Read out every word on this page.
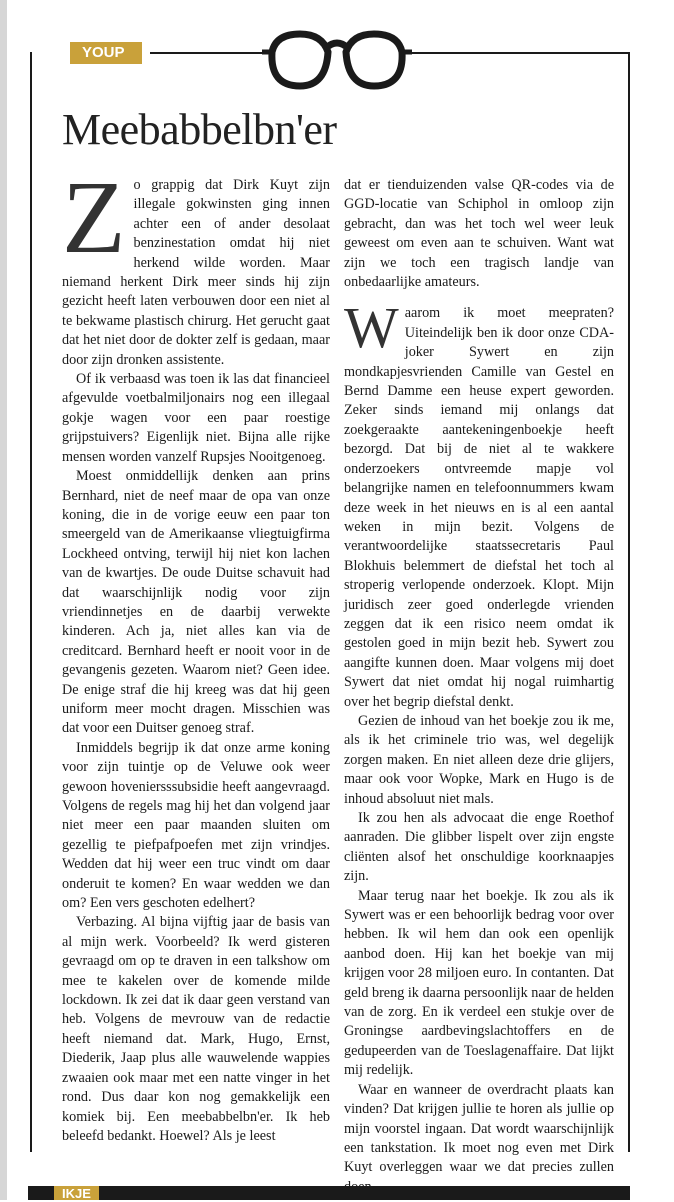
YOUP
Meebabbelbn'er

Zo grappig dat Dirk Kuyt zijn illegale gokwinsten ging innen achter een of ander desolaat benzinestation omdat hij niet herkend wilde worden. Maar niemand herkent Dirk meer sinds hij zijn gezicht heeft laten verbouwen door een niet al te bekwame plastisch chirurg. Het gerucht gaat dat het niet door de dokter zelf is gedaan, maar door zijn dronken assistente.

Of ik verbaasd was toen ik las dat financieel afgevulde voetbalmiljonairs nog een illegaal gokje wagen voor een paar roestige grijpstuivers? Eigenlijk niet. Bijna alle rijke mensen worden vanzelf Rupsjes Nooitgenoeg.

Moest onmiddellijk denken aan prins Bernhard, niet de neef maar de opa van onze koning, die in de vorige eeuw een paar ton smeergeld van de Amerikaanse vliegtuigfirma Lockheed ontving, terwijl hij niet kon lachen van de kwartjes. De oude Duitse schavuit had dat waarschijnlijk nodig voor zijn vriendinnetjes en de daarbij verwekte kinderen. Ach ja, niet alles kan via de creditcard. Bernhard heeft er nooit voor in de gevangenis gezeten. Waarom niet? Geen idee. De enige straf die hij kreeg was dat hij geen uniform meer mocht dragen. Misschien was dat voor een Duitser genoeg straf.

Inmiddels begrijp ik dat onze arme koning voor zijn tuintje op de Veluwe ook weer gewoon hoveniersssubsidie heeft aangevraagd. Volgens de regels mag hij het dan volgend jaar niet meer een paar maanden sluiten om gezellig te piefpafpoefen met zijn vrindjes. Wedden dat hij weer een truc vindt om daar onderuit te komen? En waar wedden we dan om? Een vers geschoten edelhert?

Verbazing. Al bijna vijftig jaar de basis van al mijn werk. Voorbeeld? Ik werd gisteren gevraagd om op te draven in een talkshow om mee te kakelen over de komende milde lockdown. Ik zei dat ik daar geen verstand van heb. Volgens de mevrouw van de redactie heeft niemand dat. Mark, Hugo, Ernst, Diederik, Jaap plus alle wauwelende wappies zwaaien ook maar met een natte vinger in het rond. Dus daar kon nog gemakkelijk een komiek bij. Een meebabbelbn'er. Ik heb beleefd bedankt. Hoewel? Als je leest

dat er tienduizenden valse QR-codes via de GGD-locatie van Schiphol in omloop zijn gebracht, dan was het toch wel weer leuk geweest om even aan te schuiven. Want wat zijn we toch een tragisch landje van onbedaarlijke amateurs.

Waarom ik moet meepraten? Uiteindelijk ben ik door onze CDA-joker Sywert en zijn mondkapjesvrienden Camille van Gestel en Bernd Damme een heuse expert geworden. Zeker sinds iemand mij onlangs dat zoekgeraakte aantekeningenboekje heeft bezorgd. Dat bij de niet al te wakkere onderzoekers ontvreemde mapje vol belangrijke namen en telefoonnummers kwam deze week in het nieuws en is al een aantal weken in mijn bezit. Volgens de verantwoordelijke staatssecretaris Paul Blokhuis belemmert de diefstal het toch al stroperig verlopende onderzoek. Klopt. Mijn juridisch zeer goed onderlegde vrienden zeggen dat ik een risico neem omdat ik gestolen goed in mijn bezit heb. Sywert zou aangifte kunnen doen. Maar volgens mij doet Sywert dat niet omdat hij nogal ruimhartig over het begrip diefstal denkt.

Gezien de inhoud van het boekje zou ik me, als ik het criminele trio was, wel degelijk zorgen maken. En niet alleen deze drie glijers, maar ook voor Wopke, Mark en Hugo is de inhoud absoluut niet mals.

Ik zou hen als advocaat die enge Roethof aanraden. Die glibber lispelt over zijn engste cliënten alsof het onschuldige koorknaapjes zijn.

Maar terug naar het boekje. Ik zou als ik Sywert was er een behoorlijk bedrag voor over hebben. Ik wil hem dan ook een openlijk aanbod doen. Hij kan het boekje van mij krijgen voor 28 miljoen euro. In contanten. Dat geld breng ik daarna persoonlijk naar de helden van de zorg. En ik verdeel een stukje over de Groningse aardbevingslachtoffers en de gedupeerden van de Toeslagenaffaire. Dat lijkt mij redelijk.

Waar en wanneer de overdracht plaats kan vinden? Dat krijgen jullie te horen als jullie op mijn voorstel ingaan. Dat wordt waarschijnlijk een tankstation. Ik moet nog even met Dirk Kuyt overleggen waar we dat precies zullen

IKJE
